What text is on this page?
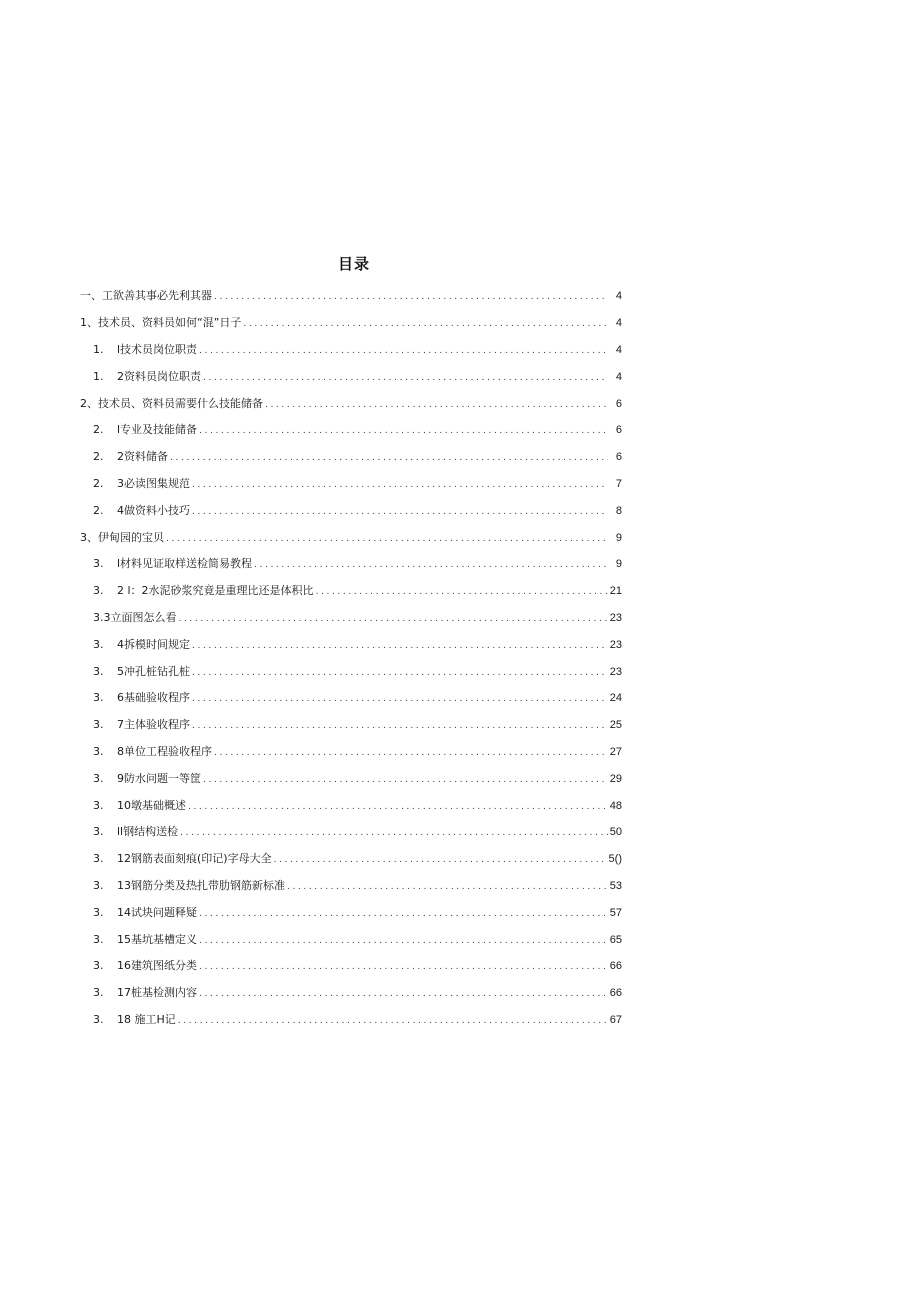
目录
一、工欲善其事必先利其器 .....	4
1、技术员、资料员如何“混”日子 .....	4
1.	l技术员岗位职责 .....	4
1.	2资料员岗位职责 .....	4
2、技术员、资料员需要什么技能储备 .....	6
2.	l专业及技能储备 .....	6
2.	2资料储备 .....	6
2.	3必读图集规范 .....	7
2.	4做资料小技巧 .....	8
3、伊甸园的宝贝 .....	9
3.	l材料见证取样送检简易教程 .....	9
3.	2 l：2水泥砂浆究竟是重理比还是体积比 .....	21
3.3立面图怎么看 .....	23
3.	4拆模时间规定 .....	23
3.	5冲孔桩钻孔桩 .....	23
3.	6基础验收程序 .....	24
3.	7主体验收程序 .....	25
3.	8单位工程验收程序 .....	27
3.	9防水问题一等筐 .....	29
3.	10墩基础概述 .....	48
3.	ll钢结构送检 .....	50
3.	12钢筋表面刻痕(印记)字母大全 .....	5()
3.	13钢筋分类及热扎带肋钢筋新标准 .....	53
3.	14试块问题释疑 .....	57
3.	15基坑基槽定义 .....	65
3.	16建筑图纸分类 .....	66
3.	17桩基检测内容 .....	66
3.	18 施工H记 .....	67
